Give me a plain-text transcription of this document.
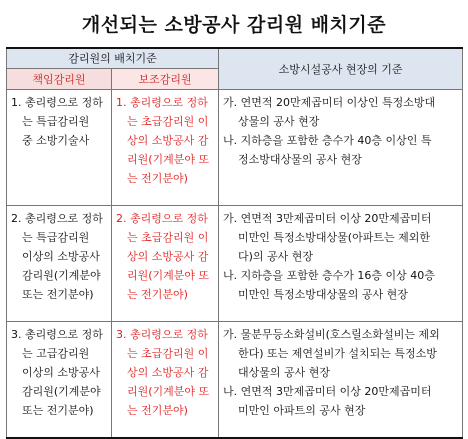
개선되는 소방공사 감리원 배치기준
감리원의 배치기준		소방시설공사 현장의 기준
책임감리원	보조감리원	

1. 총리령으로 정하
는 특급감리원
중 소방기술사	1. 총리령으로 정하
는 초급감리원 이
상의 소방공사 감
리원(기계분야 또
는 전기분야)	가. 연면적 20만제곱미터 이상인 특정소방대
상물의 공사 현장
나. 지하층을 포함한 층수가 40층 이상인 특
정소방대상물의 공사 현장

2. 총리령으로 정하
는 특급감리원
이상의 소방공사
감리원(기계분야
또는 전기분야)	2. 총리령으로 정하
는 초급감리원 이
상의 소방공사 감
리원(기계분야 또
는 전기분야)	가. 연면적 3만제곱미터 이상 20만제곱미터
미만인 특정소방대상물(아파트는 제외한
다)의 공사 현장
나. 지하층을 포함한 층수가 16층 이상 40층
미만인 특정소방대상물의 공사 현장

3. 총리령으로 정하
는 고급감리원
이상의 소방공사
감리원(기계분야
또는 전기분야)	3. 총리령으로 정하
는 초급감리원 이
상의 소방공사 감
리원(기계분야 또
는 전기분야)	가. 물분무등소화설비(호스릴소화설비는 제외
한다) 또는 제연설비가 설치되는 특정소방
대상물의 공사 현장
나. 연면적 3만제곱미터 이상 20만제곱미터
미만인 아파트의 공사 현장
